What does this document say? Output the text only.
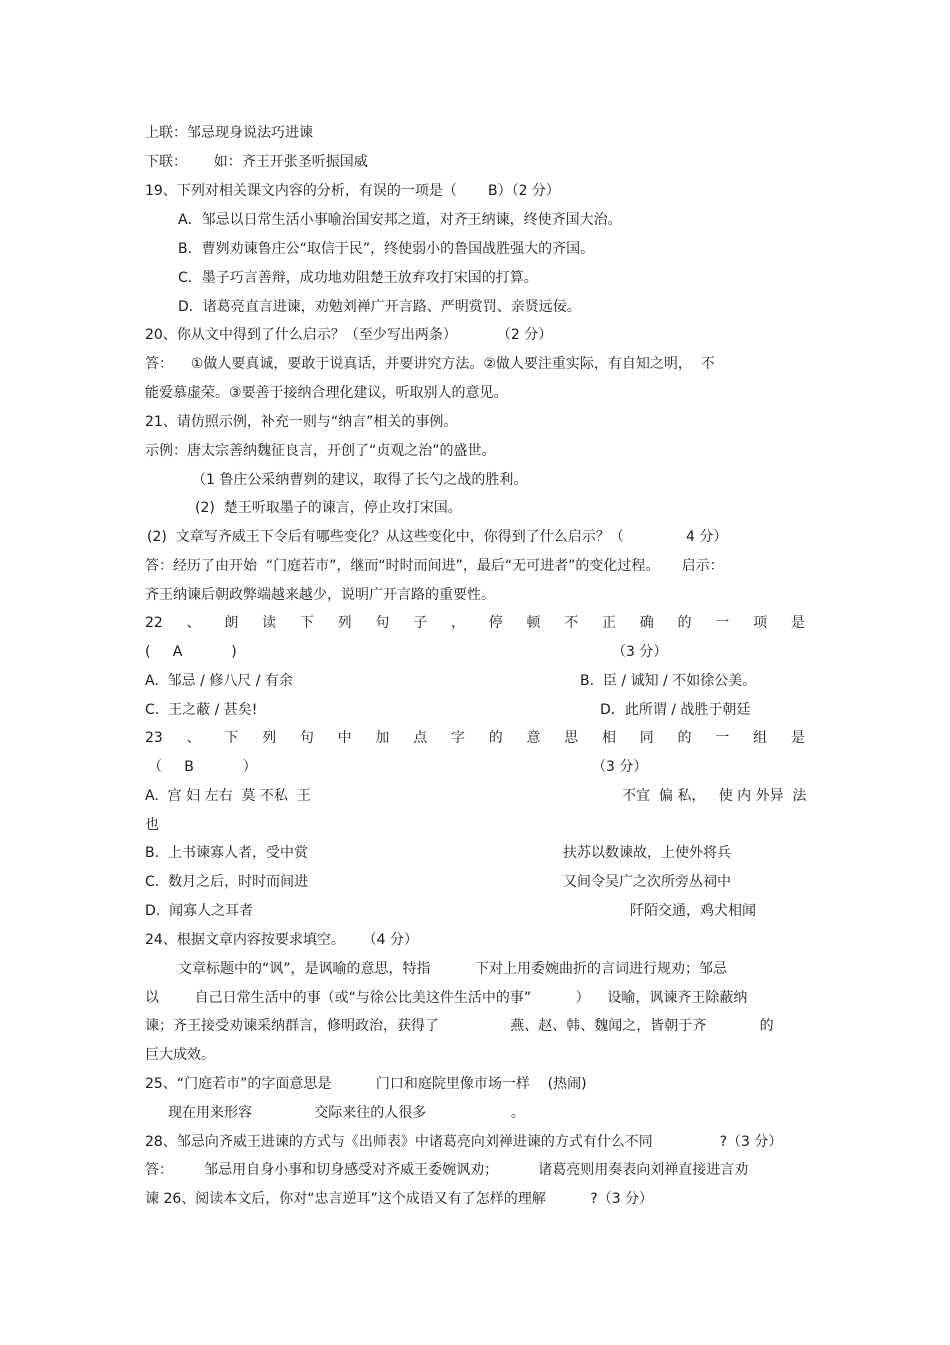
上联：邹忌现身说法巧进谏
下联：      如：齐王开张圣听振国威
19、下列对相关课文内容的分析，有误的一项是（       B）（2 分）
A．邹忌以日常生活小事喻治国安邦之道，对齐王纳谏，终使齐国大治。
B．曹刿劝谏鲁庄公“取信于民”，终使弱小的鲁国战胜强大的齐国。
C．墨子巧言善辩，成功地劝阻楚王放弃攻打宋国的打算。
D．诸葛亮直言进谏，劝勉刘禅广开言路、严明赏罚、亲贤远佞。
20、你从文中得到了什么启示？（至少写出两条）         （2 分）
答：    ①做人要真诚，要敢于说真话，并要讲究方法。②做人要注重实际，有自知之明，  不
能爱慕虚荣。③要善于接纳合理化建议，听取别人的意见。
21、请仿照示例，补充一则与“纳言”相关的事例。
示例：唐太宗善纳魏征良言，开创了“贞观之治”的盛世。
（1 鲁庄公采纳曹刿的建议，取得了长勺之战的胜利。
(2)  楚王听取墨子的谏言，停止攻打宋国。
(2)  文章写齐威王下令后有哪些变化？从这些变化中，你得到了什么启示？（              4 分）
答：经历了由开始  “门庭若市”，继而“时时而间进”，最后“无可进者”的变化过程。     启示：
齐王纳谏后朝政弊端越来越少，说明广开言路的重要性。
22 、 朗 读 下 列 句 子 ， 停 顿 不 正 确 的 一 项 是
(     A           )	（3 分）
A.  邹忌 / 修八尺 / 有余	B.  臣 / 诚知 / 不如徐公美。
C.  王之蔽 / 甚矣!	D．此所谓 / 战胜于朝廷
23 、 下 列 句 中 加 点 字 的 意 思 相 同 的 一 组 是
（     B           ）	（3 分）
A.  宫 妇 左右  莫 不私  王	不宜  偏 私，   使 内 外异  法
也
B.  上书谏寡人者，受中赏	扶苏以数谏故，上使外将兵
C.  数月之后，时时而间进	又间令吴广之次所旁丛祠中
D.  闻寡人之耳者	阡陌交通，鸡犬相闻
24、根据文章内容按要求填空。    （4 分）
文章标题中的“讽”，是讽喻的意思，特指          下对上用委婉曲折的言词进行规劝；邹忌
以        自己日常生活中的事（或“与徐公比美这件生活中的事”          ）    设喻，讽谏齐王除蔽纳
谏；齐王接受劝谏采纳群言，修明政治，获得了                燕、赵、韩、魏闻之，皆朝于齐            的
巨大成效。
25、“门庭若市”的字面意思是          门口和庭院里像市场一样    (热闹)
现在用来形容              交际来往的人很多                   。
28、邹忌向齐威王进谏的方式与《出师表》中诸葛亮向刘禅进谏的方式有什么不同               ?（3 分）
答：       邹忌用自身小事和切身感受对齐威王委婉讽劝；         诸葛亮则用奏表向刘禅直接进言劝
谏 26、阅读本文后，你对“忠言逆耳”这个成语又有了怎样的理解          ?（3 分）
